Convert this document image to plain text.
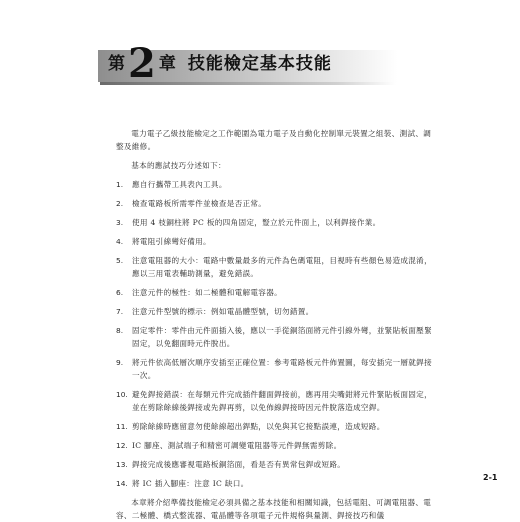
第 2 章 技能檢定基本技能

電力電子乙級技能檢定之工作範圍為電力電子及自動化控制單元裝置之組裝、測試、調整及維修。

基本的應試技巧分述如下：

1.	應自行攜帶工具表內工具。
2.	檢查電路板所需零件並檢查是否正常。
3.	使用 4 枝銅柱將 PC 板的四角固定，豎立於元件面上，以利銲接作業。
4.	將電阻引線彎好備用。
5.	注意電阻器的大小：電路中數量最多的元件為色碼電阻，目視時有些顏色易造成混淆，應以三用電表輔助測量，避免錯誤。
6.	注意元件的極性：如二極體和電解電容器。
7.	注意元件型號的標示：例如電晶體型號，切勿錯置。
8.	固定零件：零件由元件面插入後，應以一手從銅箔面將元件引線外彎，並緊貼板面壓緊固定，以免翻面時元件脫出。
9.	將元件依高低層次順序安插至正確位置：參考電路板元件佈置圖，每安插完一層就銲接一次。
10. 避免銲接錯誤：在每類元件完成插件翻面銲接前，應再用尖嘴鉗將元件緊貼板面固定，並在剪除餘線後銲接或先銲再剪，以免佈線銲接時因元件脫落造成空銲。
11. 剪除餘線時應留意勿使餘線超出銲點，以免與其它接點誤連，造成短路。
12. IC 腳座、測試端子和精密可調變電阻器等元件銲無需剪除。
13. 銲接完成後應審視電路板銅箔面，看是否有異常包銲或短路。
14. 將 IC 插入腳座：注意 IC 缺口。

本章將介紹準備技能檢定必須具備之基本技能和相關知識，包括電阻、可調電阻器、電容、二極體、橋式整流器、電晶體等各項電子元件規格與量測、銲接技巧和儀

2-1
